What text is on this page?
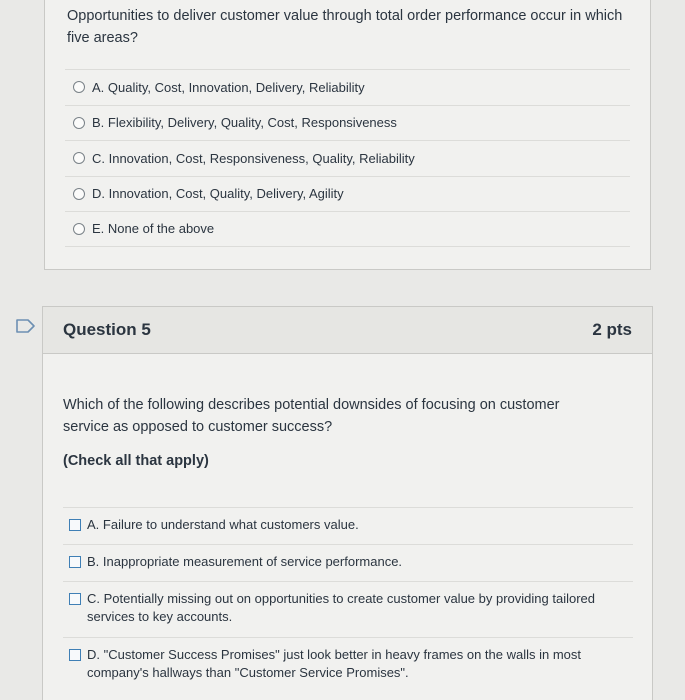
Opportunities to deliver customer value through total order performance occur in which five areas?
A. Quality, Cost, Innovation, Delivery, Reliability
B. Flexibility, Delivery, Quality, Cost, Responsiveness
C. Innovation, Cost, Responsiveness, Quality, Reliability
D. Innovation, Cost, Quality, Delivery, Agility
E. None of the above
Question 5	2 pts
Which of the following describes potential downsides of focusing on customer service as opposed to customer success?
(Check all that apply)
A. Failure to understand what customers value.
B. Inappropriate measurement of service performance.
C. Potentially missing out on opportunities to create customer value by providing tailored services to key accounts.
D. "Customer Success Promises" just look better in heavy frames on the walls in most company's hallways than "Customer Service Promises".
